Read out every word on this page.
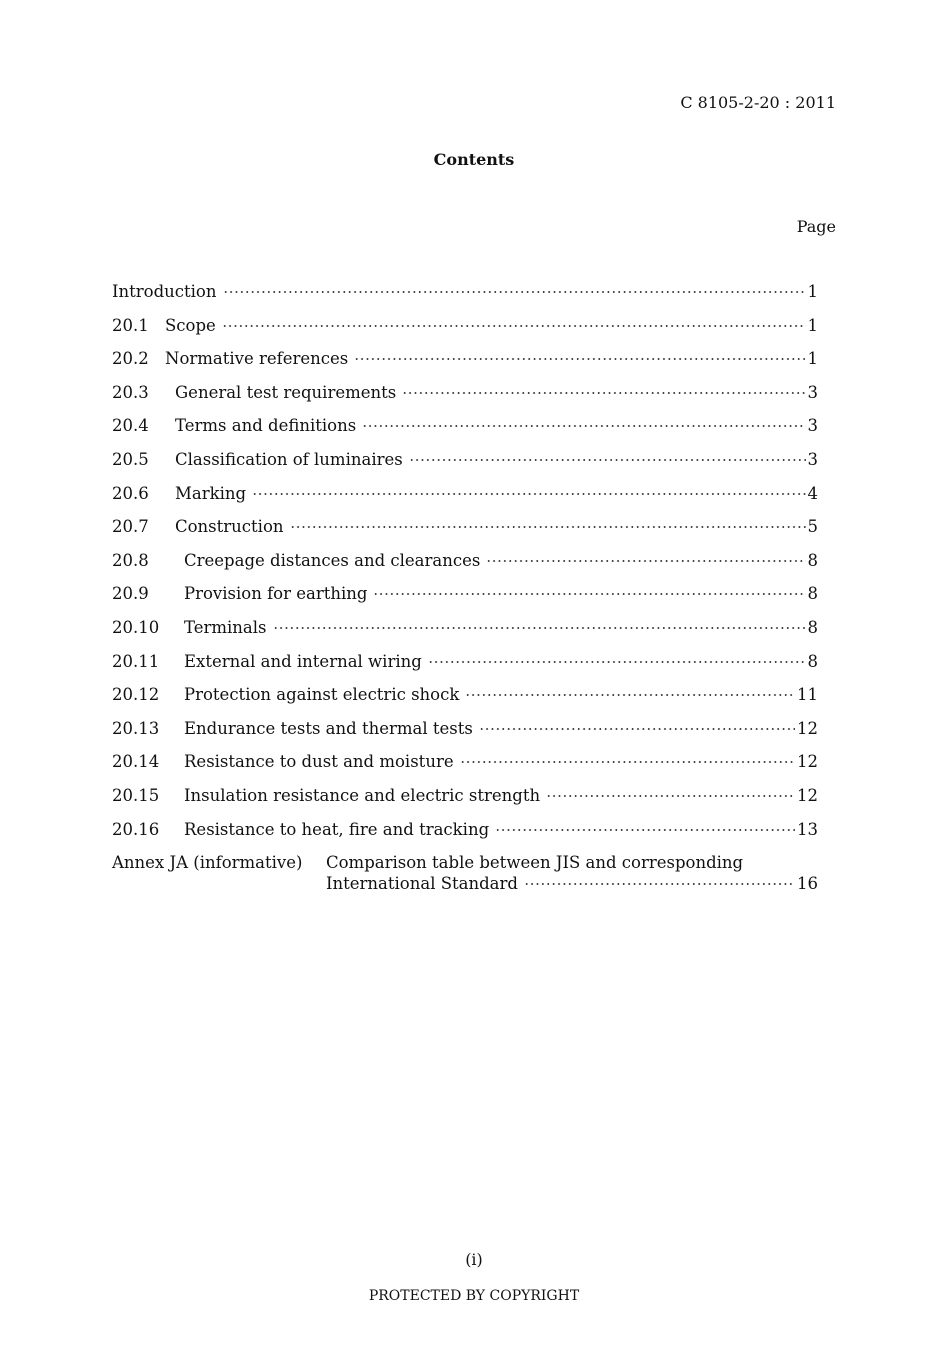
C 8105-2-20 : 2011
Contents
Page
Introduction	1
20.1 Scope	1
20.2 Normative references	1
20.3	General test requirements	3
20.4	Terms and definitions	3
20.5	Classification of luminaires	3
20.6	Marking	4
20.7	Construction	5
20.8	Creepage distances and clearances	8
20.9	Provision for earthing	8
20.10	Terminals	8
20.11	External and internal wiring	8
20.12	Protection against electric shock	11
20.13	Endurance tests and thermal tests	12
20.14	Resistance to dust and moisture	12
20.15	Insulation resistance and electric strength	12
20.16	Resistance to heat, fire and tracking	13
Annex JA (informative)	Comparison table between JIS and corresponding
International Standard	16
(i)
PROTECTED BY COPYRIGHT
